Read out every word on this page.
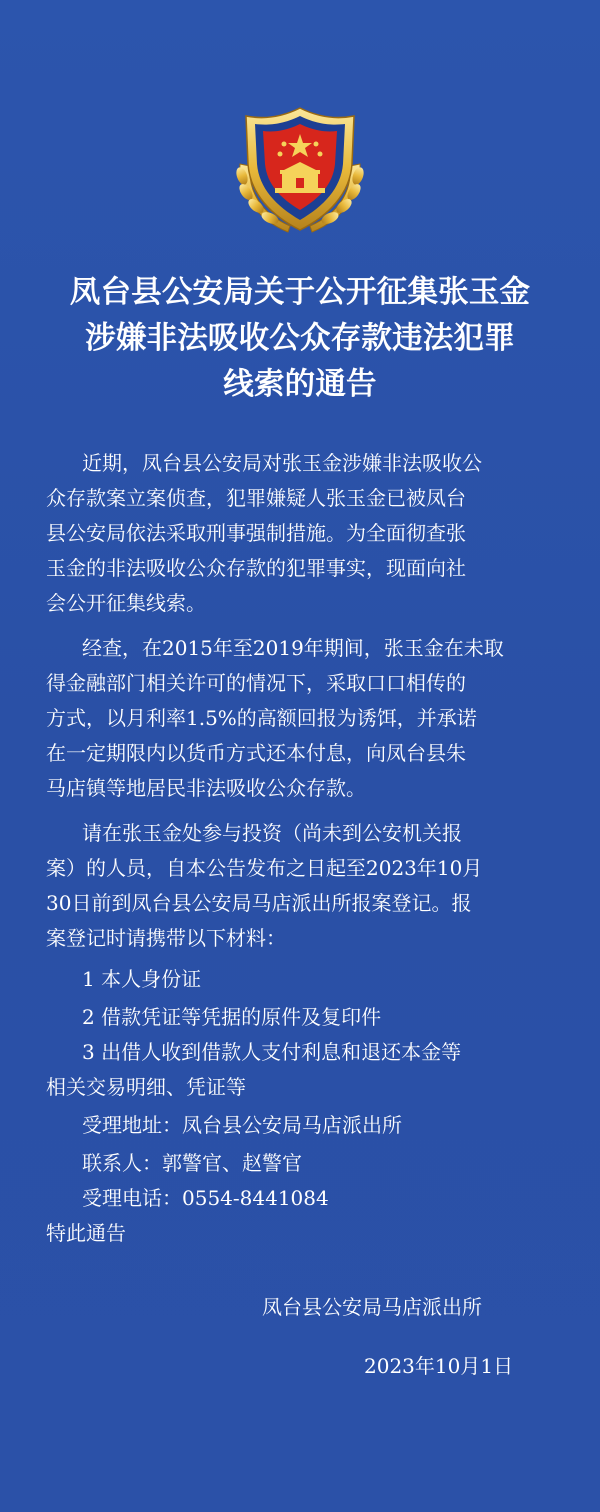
凤台县公安局关于公开征集张玉金
涉嫌非法吸收公众存款违法犯罪
线索的通告
近期，凤台县公安局对张玉金涉嫌非法吸收公
众存款案立案侦查，犯罪嫌疑人张玉金已被凤台
县公安局依法采取刑事强制措施。为全面彻查张
玉金的非法吸收公众存款的犯罪事实，现面向社
会公开征集线索。
经查，在2015年至2019年期间，张玉金在未取
得金融部门相关许可的情况下，采取口口相传的
方式，以月利率1.5%的高额回报为诱饵，并承诺
在一定期限内以货币方式还本付息，向凤台县朱
马店镇等地居民非法吸收公众存款。
请在张玉金处参与投资（尚未到公安机关报
案）的人员，自本公告发布之日起至2023年10月
30日前到凤台县公安局马店派出所报案登记。报
案登记时请携带以下材料：
1 本人身份证
2 借款凭证等凭据的原件及复印件
3 出借人收到借款人支付利息和退还本金等
相关交易明细、凭证等
受理地址：凤台县公安局马店派出所
联系人：郭警官、赵警官
受理电话：0554-8441084
特此通告
凤台县公安局马店派出所
2023年10月1日
